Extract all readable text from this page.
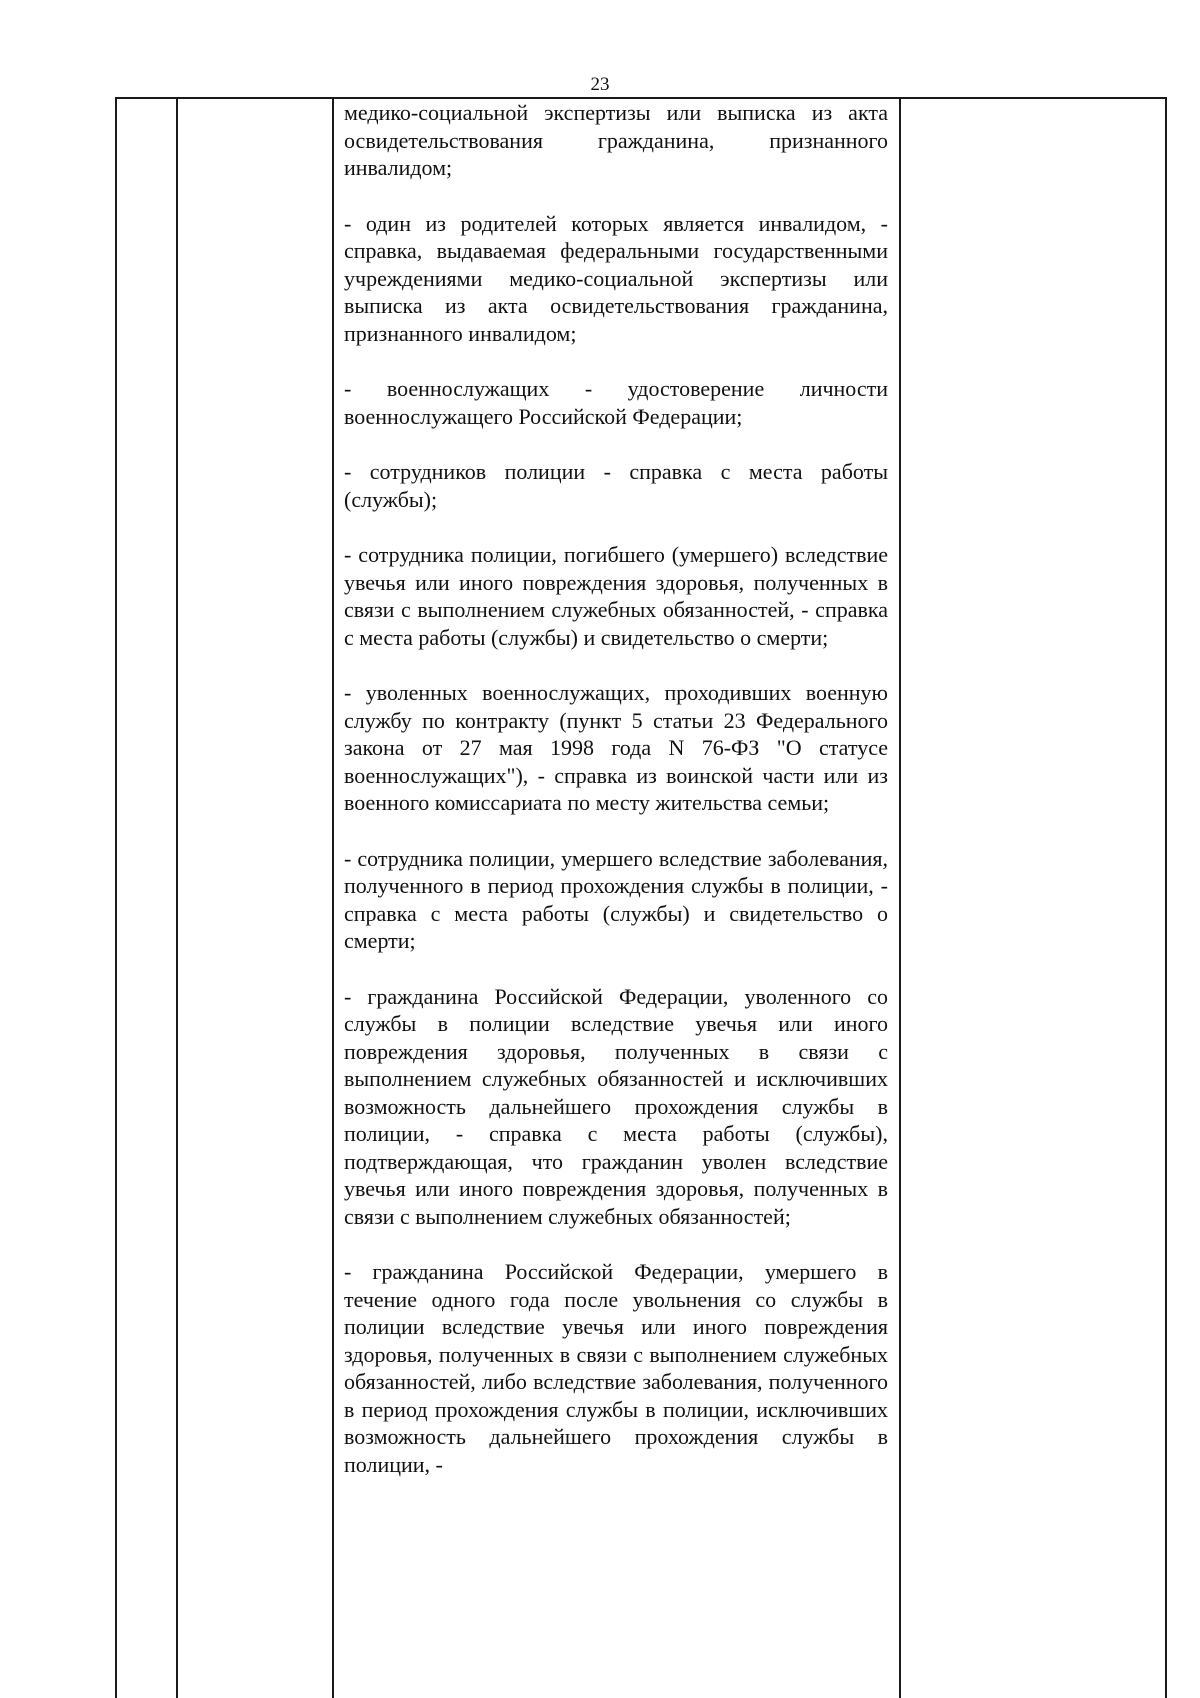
23

медико-социальной экспертизы или выписка из акта освидетельствования гражданина, признанного инвалидом;

- один из родителей которых является инвалидом, - справка, выдаваемая федеральными государственными учреждениями медико-социальной экспертизы или выписка из акта освидетельствования гражданина, признанного инвалидом;

- военнослужащих - удостоверение личности военнослужащего Российской Федерации;

- сотрудников полиции - справка с места работы (службы);

- сотрудника полиции, погибшего (умершего) вследствие увечья или иного повреждения здоровья, полученных в связи с выполнением служебных обязанностей, - справка с места работы (службы) и свидетельство о смерти;

- уволенных военнослужащих, проходивших военную службу по контракту (пункт 5 статьи 23 Федерального закона от 27 мая 1998 года N 76-ФЗ "О статусе военнослужащих"), - справка из воинской части или из военного комиссариата по месту жительства семьи;

- сотрудника полиции, умершего вследствие заболевания, полученного в период прохождения службы в полиции, - справка с места работы (службы) и свидетельство о смерти;

- гражданина Российской Федерации, уволенного со службы в полиции вследствие увечья или иного повреждения здоровья, полученных в связи с выполнением служебных обязанностей и исключивших возможность дальнейшего прохождения службы в полиции, - справка с места работы (службы), подтверждающая, что гражданин уволен вследствие увечья или иного повреждения здоровья, полученных в связи с выполнением служебных обязанностей;

- гражданина Российской Федерации, умершего в течение одного года после увольнения со службы в полиции вследствие увечья или иного повреждения здоровья, полученных в связи с выполнением служебных обязанностей, либо вследствие заболевания, полученного в период прохождения службы в полиции, исключивших возможность дальнейшего прохождения службы в полиции, -
